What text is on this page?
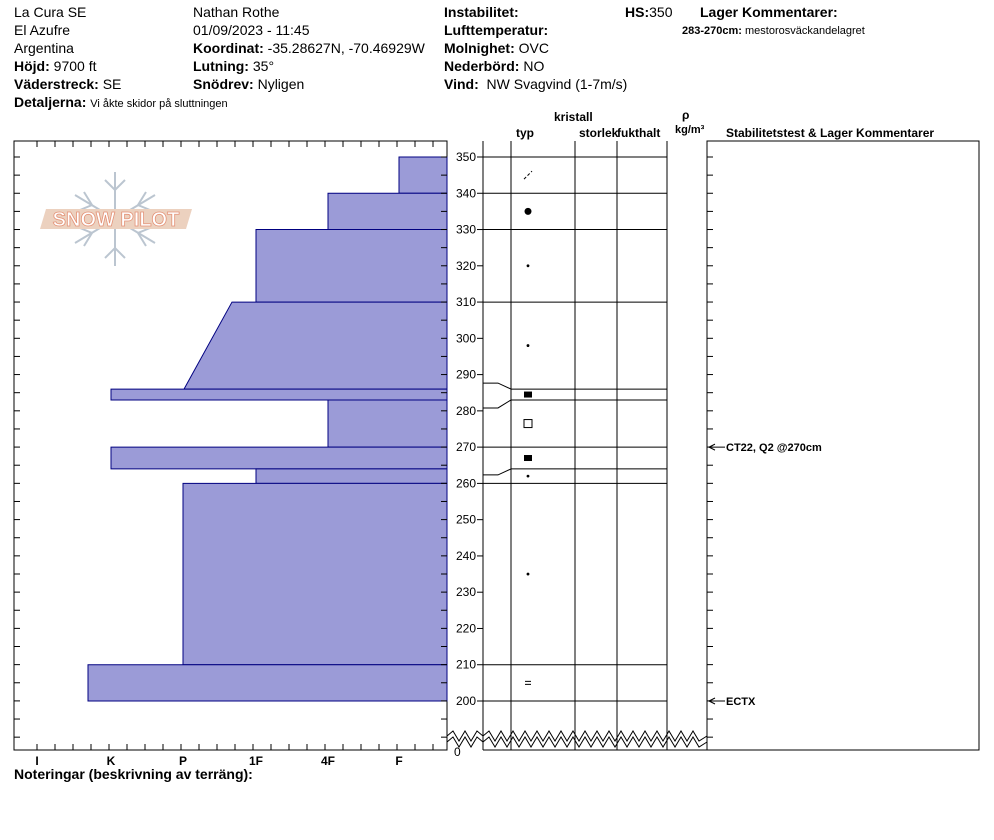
La Cura SE
El Azufre
Argentina
Höjd: 9700 ft
Väderstreck: SE
Detaljerna: Vi åkte skidor på sluttningen
Nathan Rothe
01/09/2023 - 11:45
Koordinat: -35.28627N, -70.46929W
Lutning: 35°
Snödrev: Nyligen
Instabilitet:
Lufttemperatur:
Molnighet: OVC
Nederbörd: NO
Vind: NW Svagvind (1-7m/s)
HS:350 Lager Kommentarer:
283-270cm: mestorosväckandelagret
kristall
typ	storlek
fukthalt
ρ
kg/m³ Stabilitetstest & Lager Kommentarer
I	K	P	1F	4F	F
SNOW PILOT
200
210
220
230
240
250
260
270
280
290
300
310
320
330
340
350
0
CT22, Q2 @270cm
ECTX
Noteringar (beskrivning av terräng):
